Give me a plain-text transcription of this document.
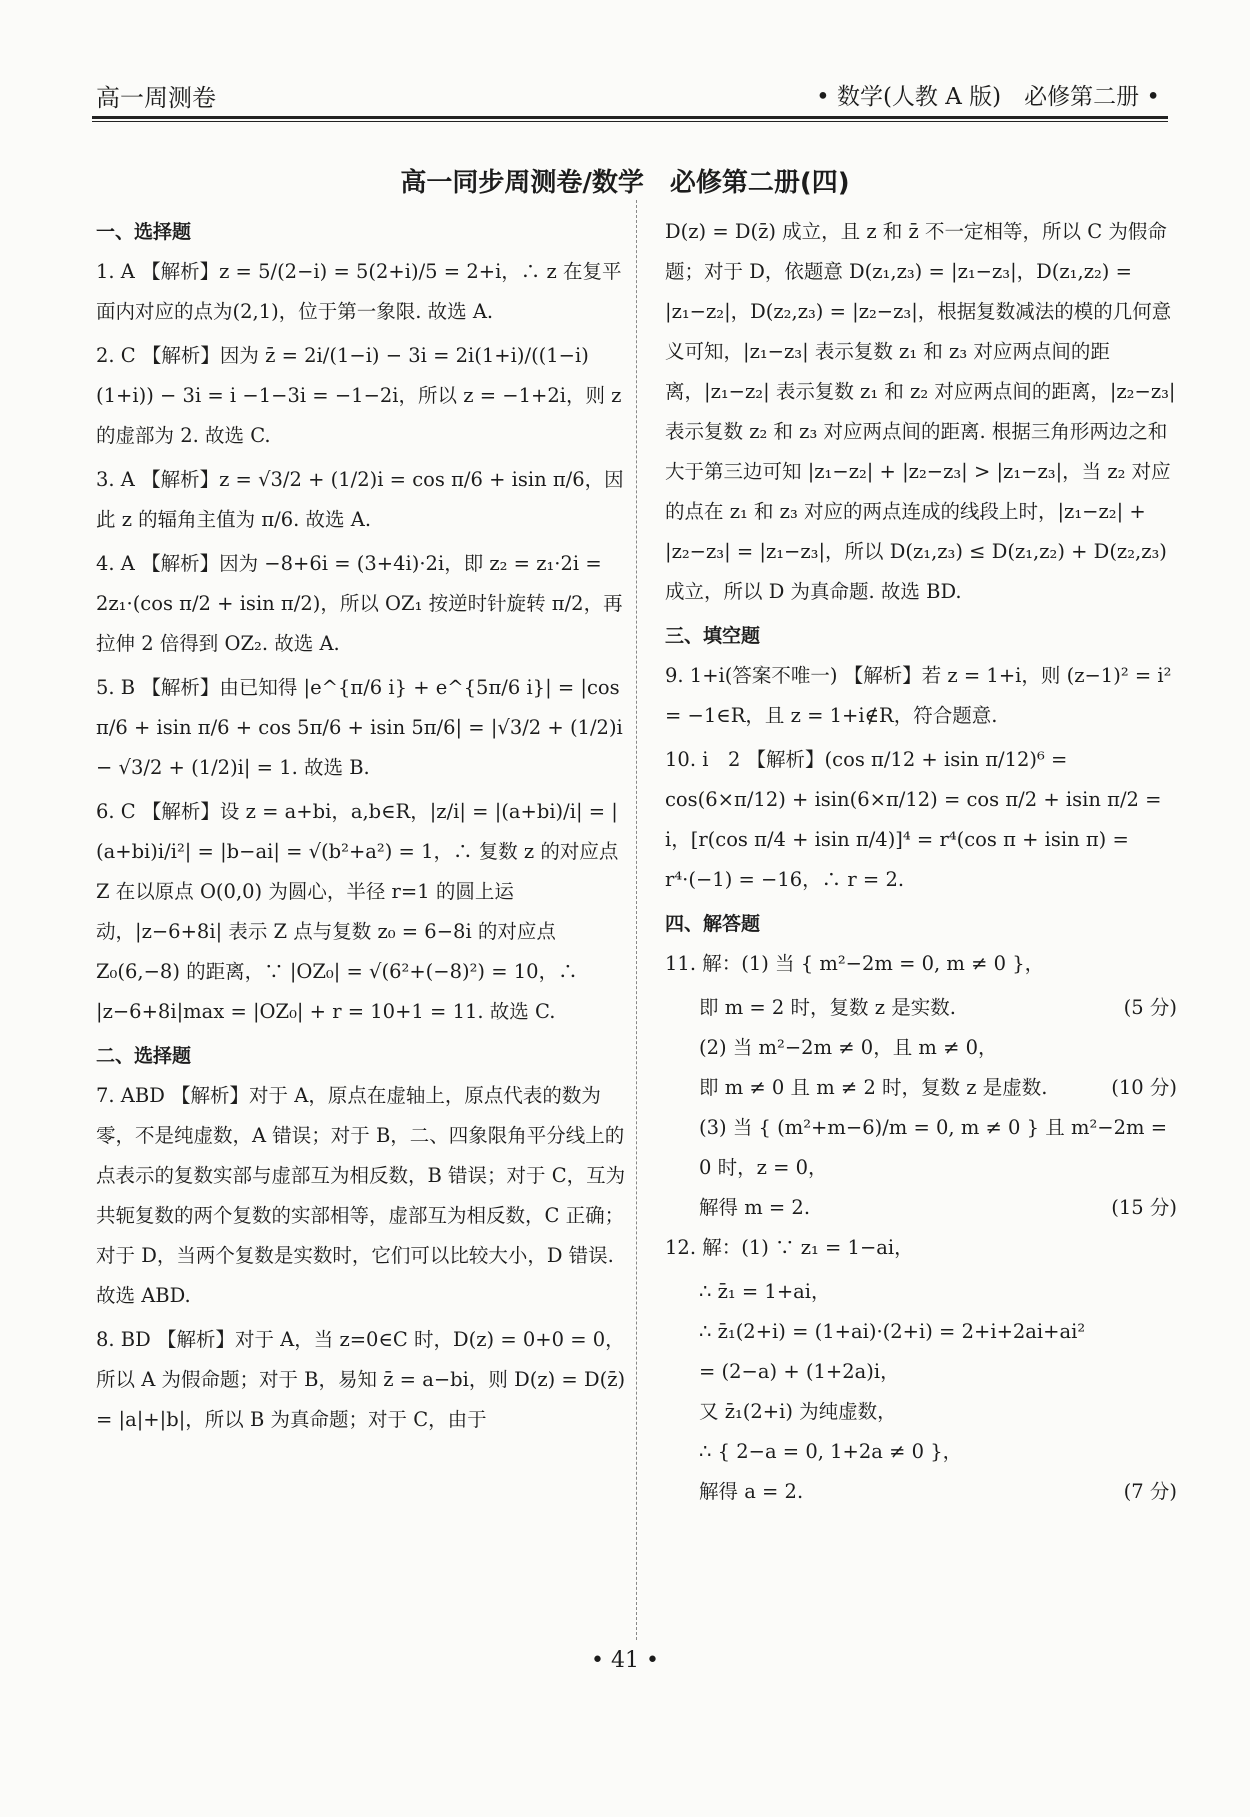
高一周测卷	• 数学(人教 A 版)　必修第二册 •
高一同步周测卷/数学　必修第二册(四)
一、选择题
1. A 【解析】z = 5/(2−i) = 5(2+i)/5 = 2+i，∴ z 在复平面内对应的点为(2,1)，位于第一象限. 故选 A.
2. C 【解析】因为 z̄ = 2i/(1−i) − 3i = 2i(1+i)/((1−i)(1+i)) − 3i = i −1−3i = −1−2i，所以 z = −1+2i，则 z 的虚部为 2. 故选 C.
3. A 【解析】z = √3/2 + (1/2)i = cos π/6 + isin π/6，因此 z 的辐角主值为 π/6. 故选 A.
4. A 【解析】因为 −8+6i = (3+4i)·2i，即 z₂ = z₁·2i = 2z₁·(cos π/2 + isin π/2)，所以 OZ₁ 按逆时针旋转 π/2，再拉伸 2 倍得到 OZ₂. 故选 A.
5. B 【解析】由已知得 |e^{π/6 i} + e^{5π/6 i}| = |cos π/6 + isin π/6 + cos 5π/6 + isin 5π/6| = |√3/2 + (1/2)i − √3/2 + (1/2)i| = 1. 故选 B.
6. C 【解析】设 z = a+bi，a,b∈R，|z/i| = |(a+bi)/i| = |(a+bi)i/i²| = |b−ai| = √(b²+a²) = 1，∴ 复数 z 的对应点 Z 在以原点 O(0,0) 为圆心，半径 r=1 的圆上运动，|z−6+8i| 表示 Z 点与复数 z₀ = 6−8i 的对应点 Z₀(6,−8) 的距离，∵ |OZ₀| = √(6²+(−8)²) = 10，∴ |z−6+8i|max = |OZ₀| + r = 10+1 = 11. 故选 C.
二、选择题
7. ABD 【解析】对于 A，原点在虚轴上，原点代表的数为零，不是纯虚数，A 错误；对于 B，二、四象限角平分线上的点表示的复数实部与虚部互为相反数，B 错误；对于 C，互为共轭复数的两个复数的实部相等，虚部互为相反数，C 正确；对于 D，当两个复数是实数时，它们可以比较大小，D 错误. 故选 ABD.
8. BD 【解析】对于 A，当 z=0∈C 时，D(z) = 0+0 = 0，所以 A 为假命题；对于 B，易知 z̄ = a−bi，则 D(z) = D(z̄) = |a|+|b|，所以 B 为真命题；对于 C，由于
D(z) = D(z̄) 成立，且 z 和 z̄ 不一定相等，所以 C 为假命题；对于 D，依题意 D(z₁,z₃) = |z₁−z₃|，D(z₁,z₂) = |z₁−z₂|，D(z₂,z₃) = |z₂−z₃|，根据复数减法的模的几何意义可知，|z₁−z₃| 表示复数 z₁ 和 z₃ 对应两点间的距离，|z₁−z₂| 表示复数 z₁ 和 z₂ 对应两点间的距离，|z₂−z₃| 表示复数 z₂ 和 z₃ 对应两点间的距离. 根据三角形两边之和大于第三边可知 |z₁−z₂| + |z₂−z₃| > |z₁−z₃|，当 z₂ 对应的点在 z₁ 和 z₃ 对应的两点连成的线段上时，|z₁−z₂| + |z₂−z₃| = |z₁−z₃|，所以 D(z₁,z₃) ≤ D(z₁,z₂) + D(z₂,z₃) 成立，所以 D 为真命题. 故选 BD.
三、填空题
9. 1+i(答案不唯一) 【解析】若 z = 1+i，则 (z−1)² = i² = −1∈R，且 z = 1+i∉R，符合题意.
10. i　2 【解析】(cos π/12 + isin π/12)⁶ = cos(6×π/12) + isin(6×π/12) = cos π/2 + isin π/2 = i，[r(cos π/4 + isin π/4)]⁴ = r⁴(cos π + isin π) = r⁴·(−1) = −16，∴ r = 2.
四、解答题
11. 解：(1) 当 { m²−2m = 0, m ≠ 0 }，
即 m = 2 时，复数 z 是实数.	(5 分)
(2) 当 m²−2m ≠ 0，且 m ≠ 0，
即 m ≠ 0 且 m ≠ 2 时，复数 z 是虚数.	(10 分)
(3) 当 { (m²+m−6)/m = 0, m ≠ 0 } 且 m²−2m = 0 时，z = 0，
解得 m = 2.	(15 分)
12. 解：(1) ∵ z₁ = 1−ai，
∴ z̄₁ = 1+ai，
∴ z̄₁(2+i) = (1+ai)·(2+i) = 2+i+2ai+ai²
= (2−a) + (1+2a)i，
又 z̄₁(2+i) 为纯虚数，
∴ { 2−a = 0, 1+2a ≠ 0 }，
解得 a = 2.	(7 分)
• 41 •
